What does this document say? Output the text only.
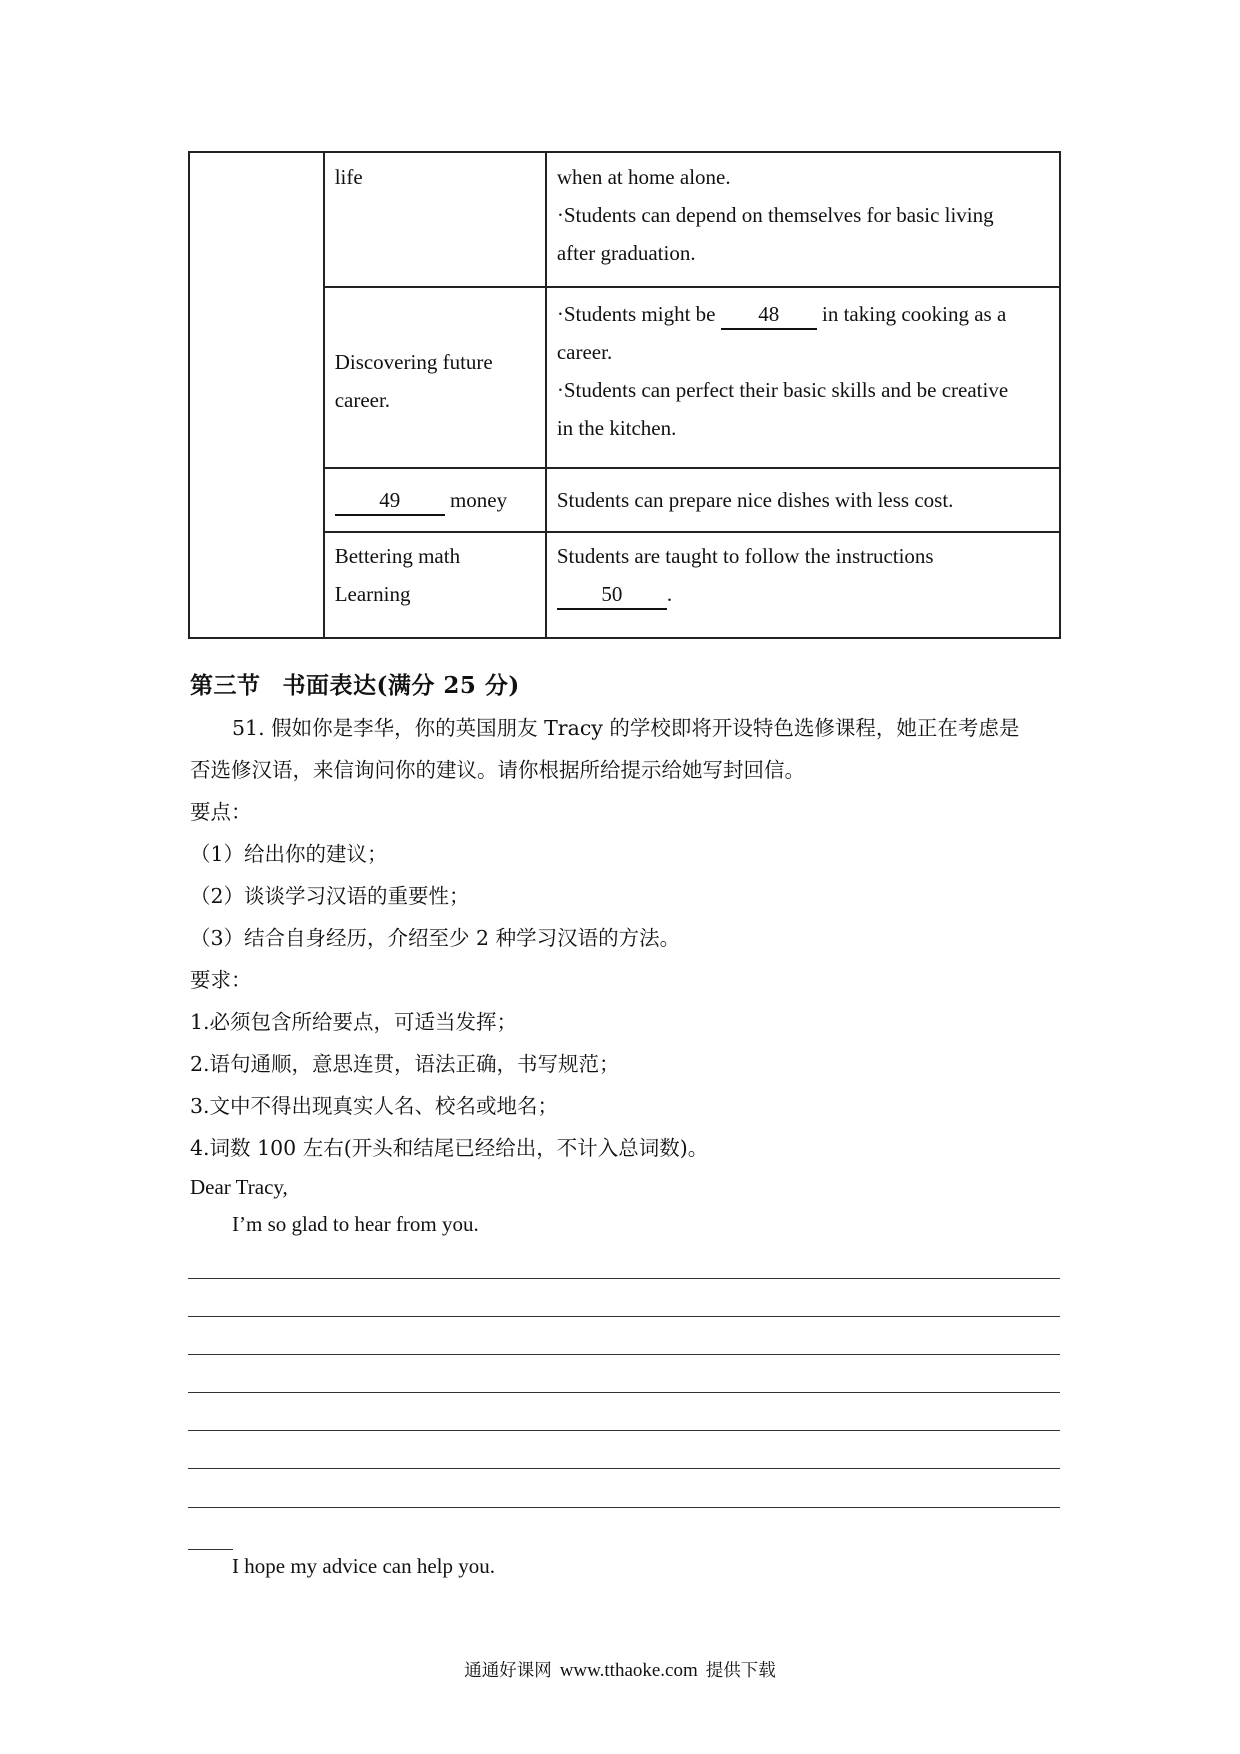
	life	when at home alone.
·Students can depend on themselves for basic living
after graduation.

	Discovering future
career.	·Students might be 48 in taking cooking as a
career.
·Students can perfect their basic skills and be creative
in the kitchen.

	49 money	Students can prepare nice dishes with less cost.

	Bettering math
Learning	Students are taught to follow the instructions
50 .
第三节 书面表达(满分 25 分)
51. 假如你是李华，你的英国朋友 Tracy 的学校即将开设特色选修课程，她正在考虑是
否选修汉语，来信询问你的建议。请你根据所给提示给她写封回信。
要点：
（1）给出你的建议；
（2）谈谈学习汉语的重要性；
（3）结合自身经历，介绍至少 2 种学习汉语的方法。
要求：
1.必须包含所给要点，可适当发挥；
2.语句通顺，意思连贯，语法正确，书写规范；
3.文中不得出现真实人名、校名或地名；
4.词数 100 左右(开头和结尾已经给出，不计入总词数)。
Dear Tracy,
I’m so glad to hear from you.
I hope my advice can help you.
通通好课网 www.tthaoke.com 提供下载
